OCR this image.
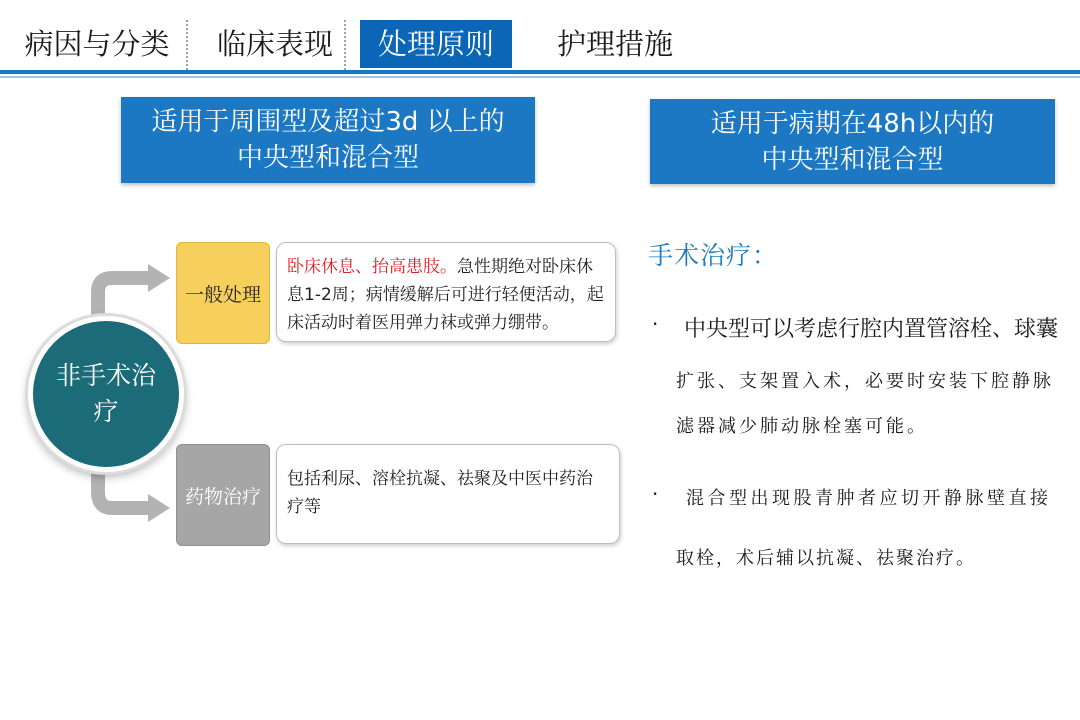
病因与分类	临床表现	处理原则	护理措施
适用于周围型及超过3d 以上的
中央型和混合型
适用于病期在48h以内的
中央型和混合型
非手术治疗
一般处理
卧床休息、抬高患肢。急性期绝对卧床休息1-2周；病情缓解后可进行轻便活动，起床活动时着医用弹力袜或弹力绷带。
药物治疗
包括利尿、溶栓抗凝、祛聚及中医中药治疗等
手术治疗：
· 中央型可以考虑行腔内置管溶栓、球囊
扩张、支架置入术，必要时安装下腔静脉
滤器减少肺动脉栓塞可能。
· 混合型出现股青肿者应切开静脉壁直接
取栓，术后辅以抗凝、祛聚治疗。
